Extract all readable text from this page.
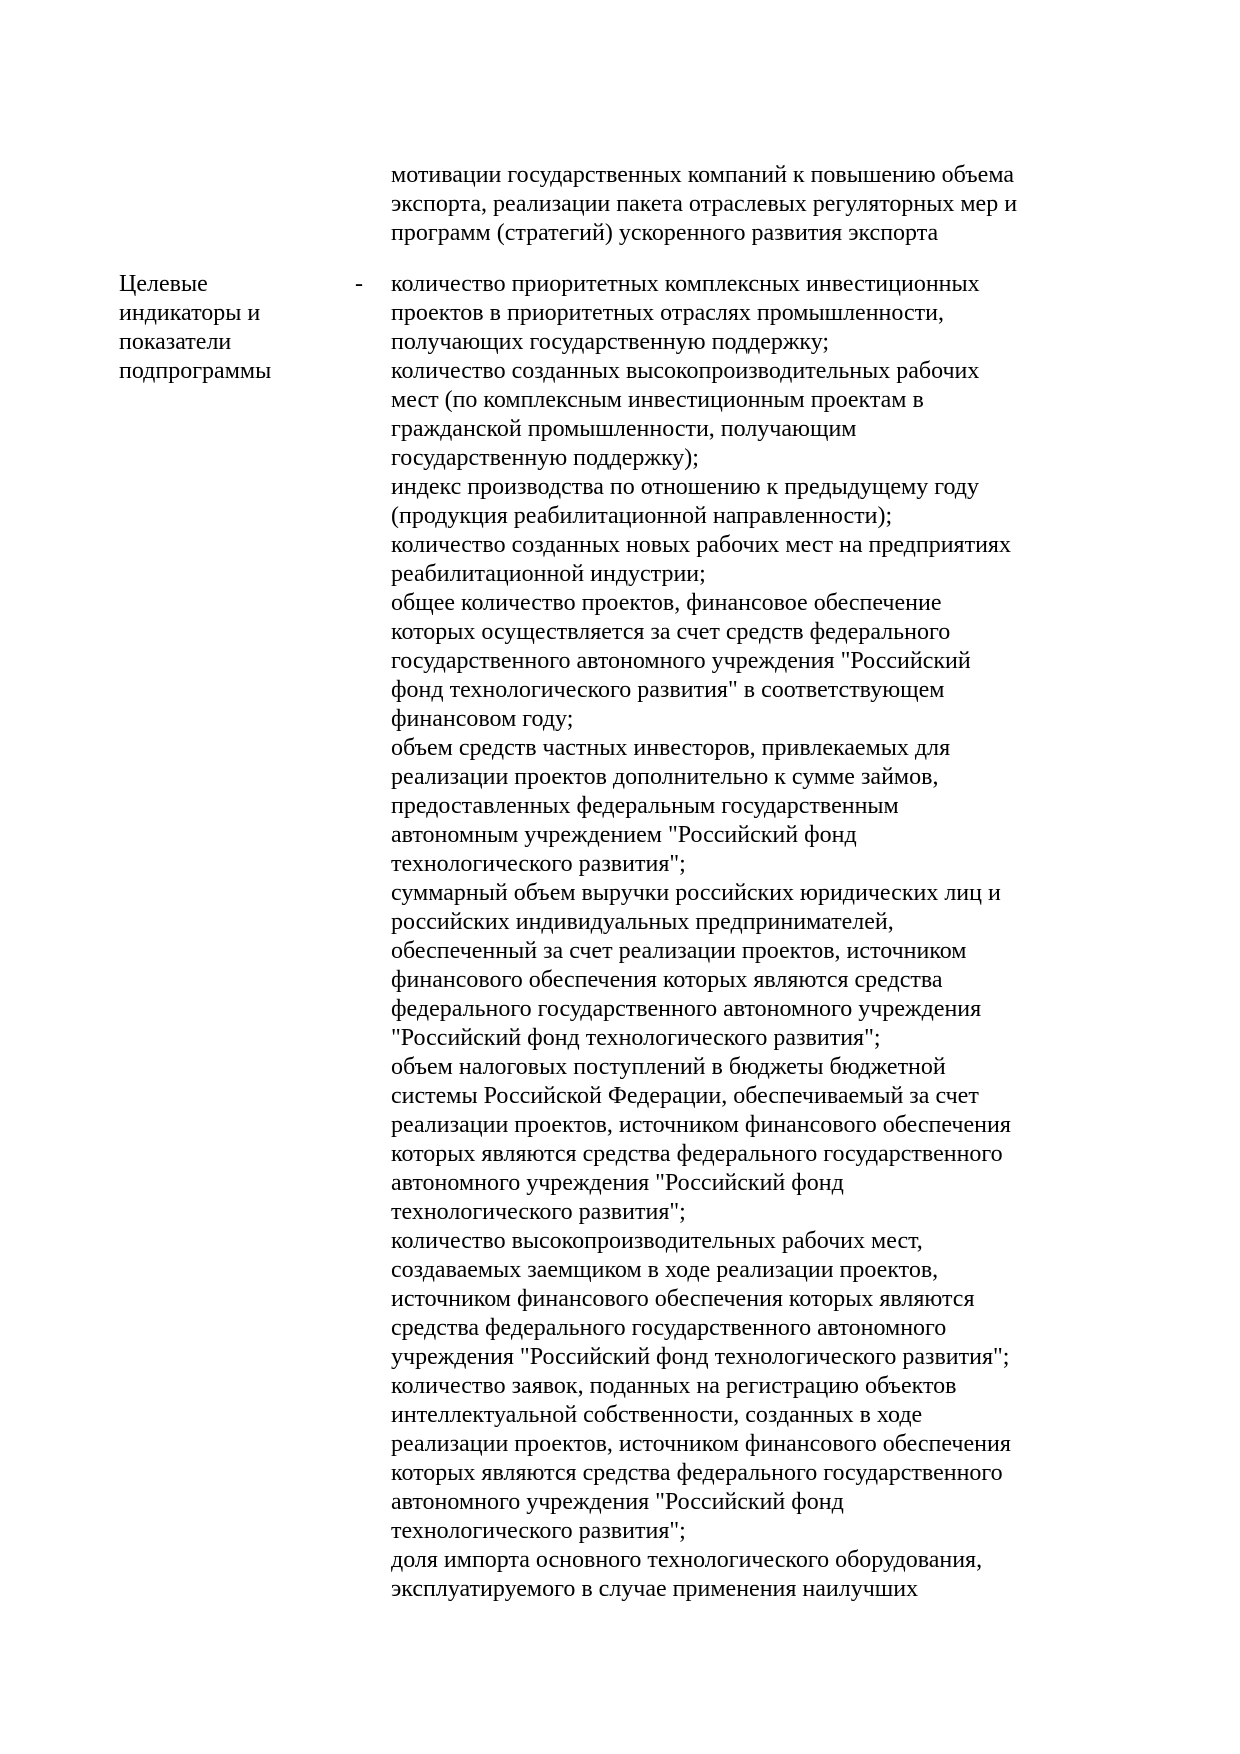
мотивации государственных компаний к повышению объема
экспорта, реализации пакета отраслевых регуляторных мер и
программ (стратегий) ускоренного развития экспорта
Целевые
индикаторы и
показатели
подпрограммы
- количество приоритетных комплексных инвестиционных
проектов в приоритетных отраслях промышленности,
получающих государственную поддержку;
количество созданных высокопроизводительных рабочих
мест (по комплексным инвестиционным проектам в
гражданской промышленности, получающим
государственную поддержку);
индекс производства по отношению к предыдущему году
(продукция реабилитационной направленности);
количество созданных новых рабочих мест на предприятиях
реабилитационной индустрии;
общее количество проектов, финансовое обеспечение
которых осуществляется за счет средств федерального
государственного автономного учреждения "Российский
фонд технологического развития" в соответствующем
финансовом году;
объем средств частных инвесторов, привлекаемых для
реализации проектов дополнительно к сумме займов,
предоставленных федеральным государственным
автономным учреждением "Российский фонд
технологического развития";
суммарный объем выручки российских юридических лиц и
российских индивидуальных предпринимателей,
обеспеченный за счет реализации проектов, источником
финансового обеспечения которых являются средства
федерального государственного автономного учреждения
"Российский фонд технологического развития";
объем налоговых поступлений в бюджеты бюджетной
системы Российской Федерации, обеспечиваемый за счет
реализации проектов, источником финансового обеспечения
которых являются средства федерального государственного
автономного учреждения "Российский фонд
технологического развития";
количество высокопроизводительных рабочих мест,
создаваемых заемщиком в ходе реализации проектов,
источником финансового обеспечения которых являются
средства федерального государственного автономного
учреждения "Российский фонд технологического развития";
количество заявок, поданных на регистрацию объектов
интеллектуальной собственности, созданных в ходе
реализации проектов, источником финансового обеспечения
которых являются средства федерального государственного
автономного учреждения "Российский фонд
технологического развития";
доля импорта основного технологического оборудования,
эксплуатируемого в случае применения наилучших
